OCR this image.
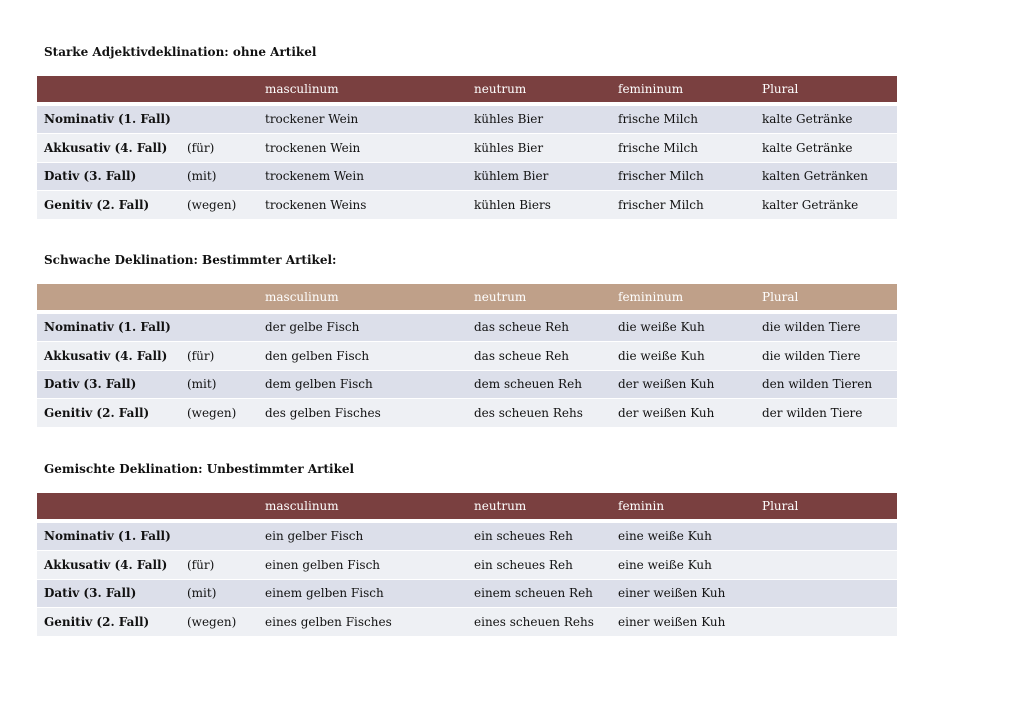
Starke Adjektivdeklination: ohne Artikel
		masculinum	neutrum	femininum	Plural
Nominativ (1. Fall)		trockener Wein	kühles Bier	frische Milch	kalte Getränke
Akkusativ (4. Fall)	(für)	trockenen Wein	kühles Bier	frische Milch	kalte Getränke
Dativ (3. Fall)	(mit)	trockenem Wein	kühlem Bier	frischer Milch	kalten Getränken
Genitiv (2. Fall)	(wegen)	trockenen Weins	kühlen Biers	frischer Milch	kalter Getränke
Schwache Deklination: Bestimmter Artikel:
		masculinum	neutrum	femininum	Plural
Nominativ (1. Fall)		der gelbe Fisch	das scheue Reh	die weiße Kuh	die wilden Tiere
Akkusativ (4. Fall)	(für)	den gelben Fisch	das scheue Reh	die weiße Kuh	die wilden Tiere
Dativ (3. Fall)	(mit)	dem gelben Fisch	dem scheuen Reh	der weißen Kuh	den wilden Tieren
Genitiv (2. Fall)	(wegen)	des gelben Fisches	des scheuen Rehs	der weißen Kuh	der wilden Tiere
Gemischte Deklination: Unbestimmter Artikel
		masculinum	neutrum	feminin	Plural
Nominativ (1. Fall)		ein gelber Fisch	ein scheues Reh	eine weiße Kuh	
Akkusativ (4. Fall)	(für)	einen gelben Fisch	ein scheues Reh	eine weiße Kuh	
Dativ (3. Fall)	(mit)	einem gelben Fisch	einem scheuen Reh	einer weißen Kuh	
Genitiv (2. Fall)	(wegen)	eines gelben Fisches	eines scheuen Rehs	einer weißen Kuh	
